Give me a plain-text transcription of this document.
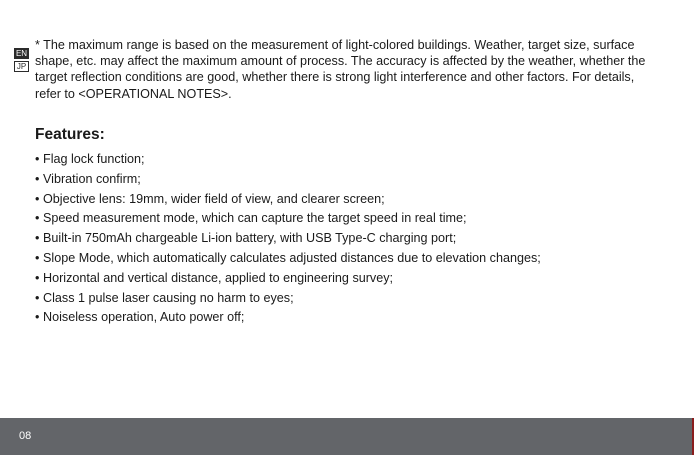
EN
JP

* The maximum range is based on the measurement of light-colored buildings. Weather, target size, surface shape, etc. may affect the maximum amount of process. The accuracy is affected by the weather, whether the target reflection conditions are good, whether there is strong light interference and other factors. For details, refer to <OPERATIONAL NOTES>.

Features:
• Flag lock function;
• Vibration confirm;
• Objective lens: 19mm, wider field of view, and clearer screen;
• Speed measurement mode, which can capture the target speed in real time;
• Built-in 750mAh chargeable Li-ion battery, with USB Type-C charging port;
• Slope Mode, which automatically calculates adjusted distances due to elevation changes;
• Horizontal and vertical distance, applied to engineering survey;
• Class 1 pulse laser causing no harm to eyes;
• Noiseless operation, Auto power off;
08
